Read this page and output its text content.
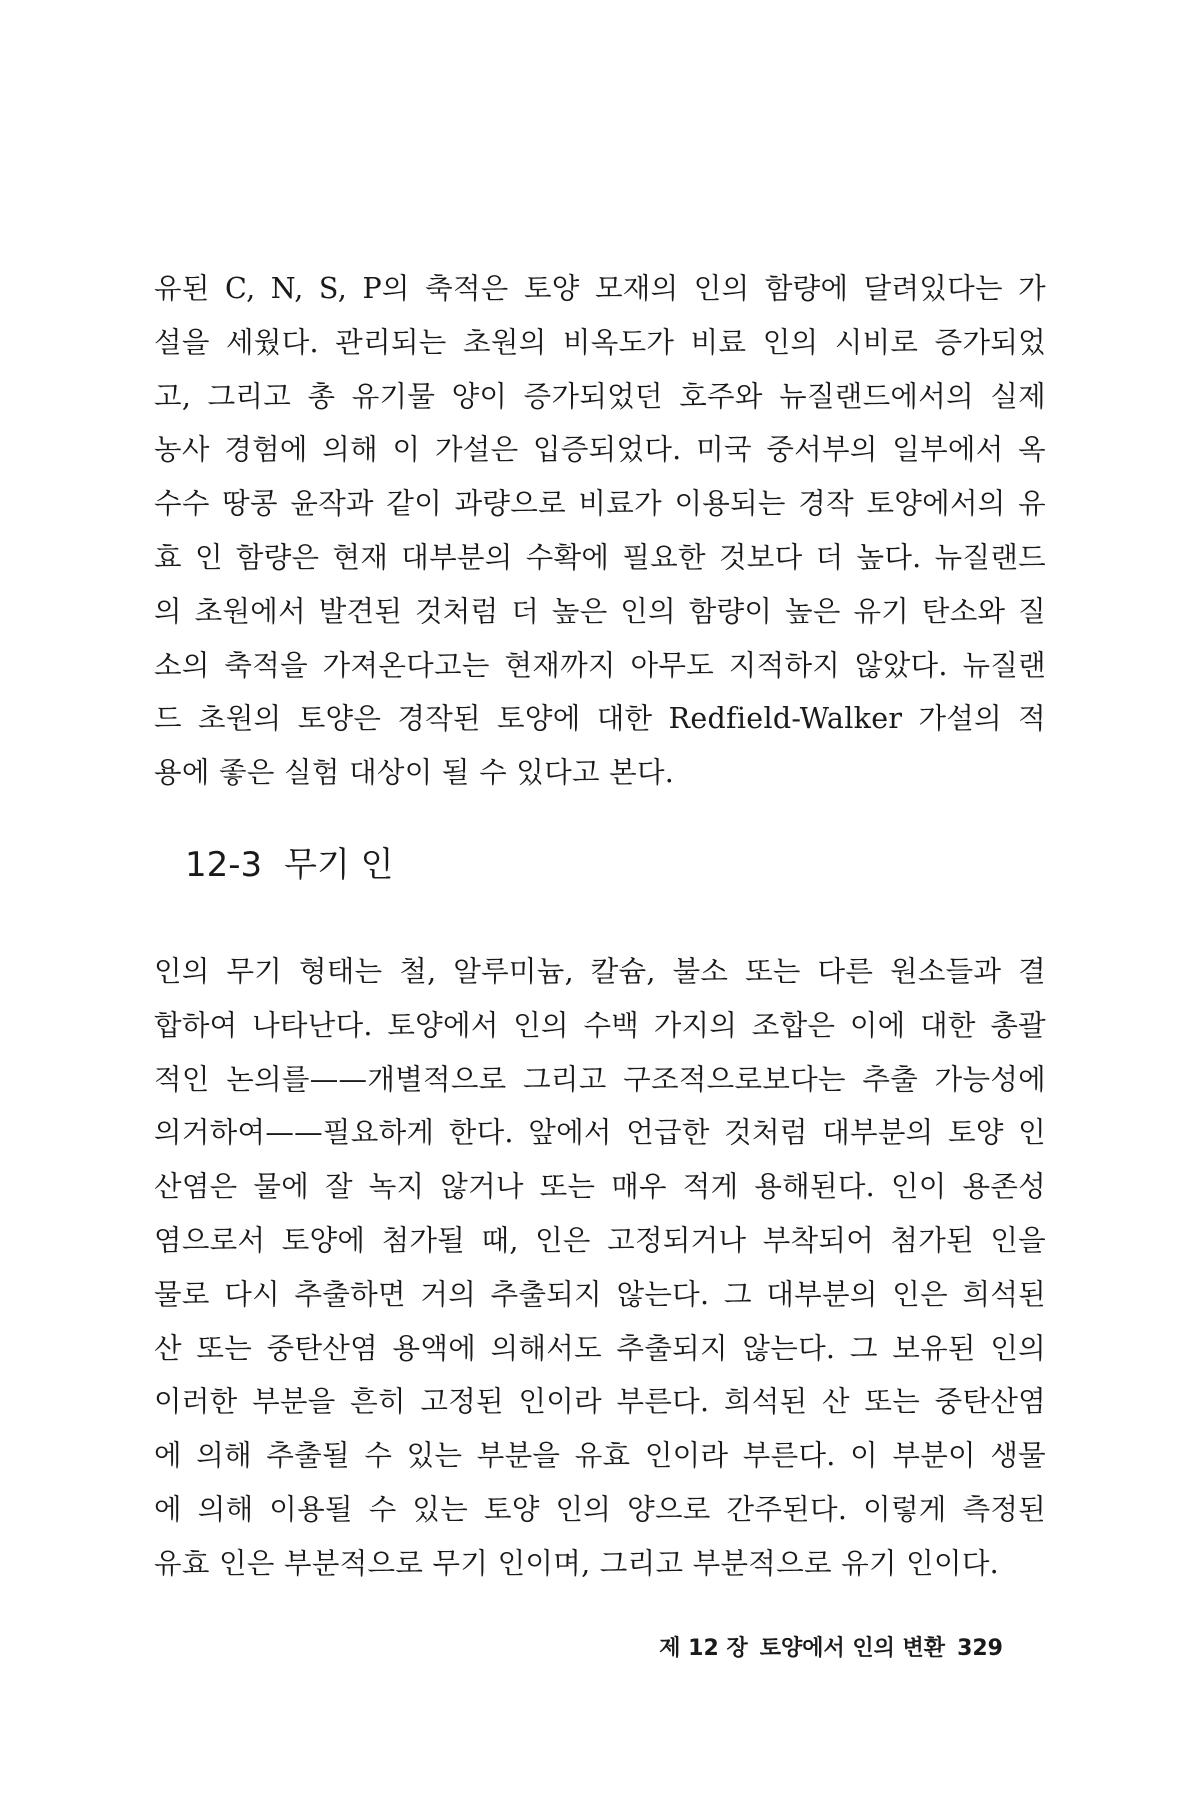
유된 C, N, S, P의 축적은 토양 모재의 인의 함량에 달려있다는 가
설을 세웠다. 관리되는 초원의 비옥도가 비료 인의 시비로 증가되었
고, 그리고 총 유기물 양이 증가되었던 호주와 뉴질랜드에서의 실제
농사 경험에 의해 이 가설은 입증되었다. 미국 중서부의 일부에서 옥
수수 땅콩 윤작과 같이 과량으로 비료가 이용되는 경작 토양에서의 유
효 인 함량은 현재 대부분의 수확에 필요한 것보다 더 높다. 뉴질랜드
의 초원에서 발견된 것처럼 더 높은 인의 함량이 높은 유기 탄소와 질
소의 축적을 가져온다고는 현재까지 아무도 지적하지 않았다. 뉴질랜
드 초원의 토양은 경작된 토양에 대한 Redfield-Walker 가설의 적
용에 좋은 실험 대상이 될 수 있다고 본다.
12-3 무기 인
인의 무기 형태는 철, 알루미늄, 칼슘, 불소 또는 다른 원소들과 결
합하여 나타난다. 토양에서 인의 수백 가지의 조합은 이에 대한 총괄
적인 논의를——개별적으로 그리고 구조적으로보다는 추출 가능성에
의거하여——필요하게 한다. 앞에서 언급한 것처럼 대부분의 토양 인
산염은 물에 잘 녹지 않거나 또는 매우 적게 용해된다. 인이 용존성
염으로서 토양에 첨가될 때, 인은 고정되거나 부착되어 첨가된 인을
물로 다시 추출하면 거의 추출되지 않는다. 그 대부분의 인은 희석된
산 또는 중탄산염 용액에 의해서도 추출되지 않는다. 그 보유된 인의
이러한 부분을 흔히 고정된 인이라 부른다. 희석된 산 또는 중탄산염
에 의해 추출될 수 있는 부분을 유효 인이라 부른다. 이 부분이 생물
에 의해 이용될 수 있는 토양 인의 양으로 간주된다. 이렇게 측정된
유효 인은 부분적으로 무기 인이며, 그리고 부분적으로 유기 인이다.
제 12 장 토양에서 인의 변환 329
